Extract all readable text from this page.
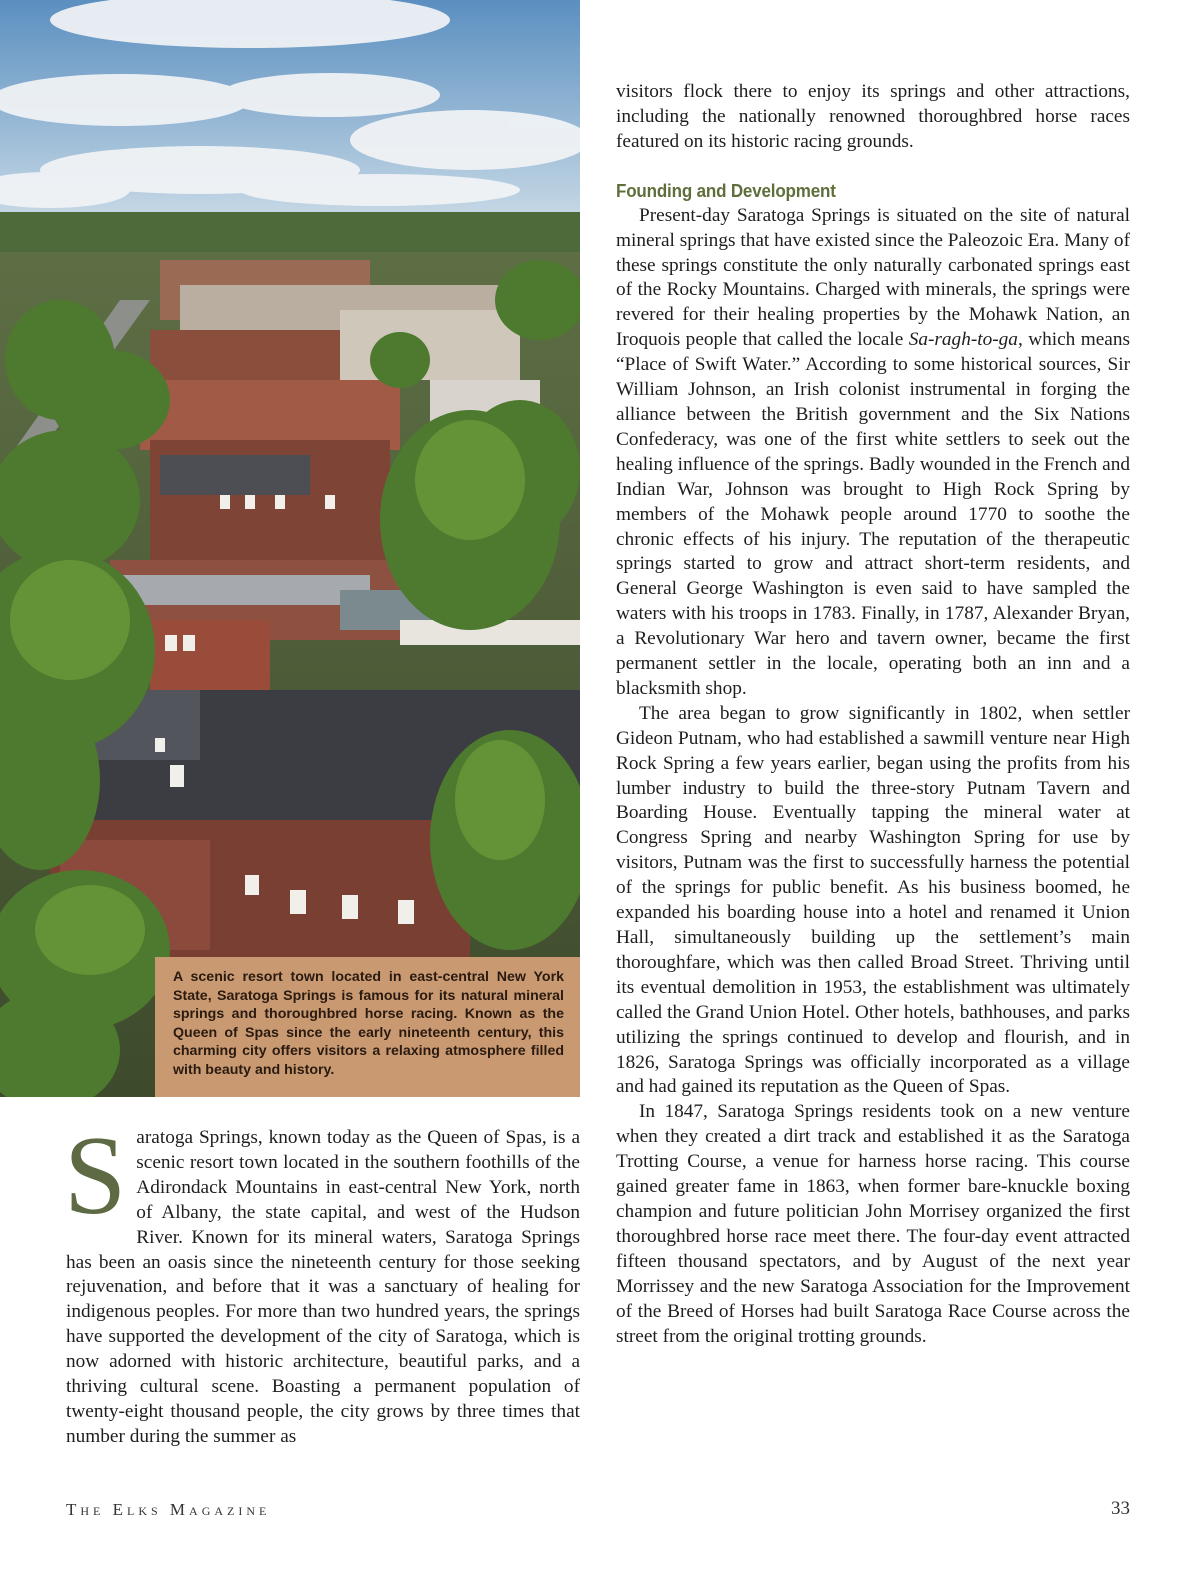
A scenic resort town located in east-central New York State, Saratoga Springs is famous for its natural mineral springs and thoroughbred horse racing. Known as the Queen of Spas since the early nineteenth century, this charming city offers visitors a relaxing atmosphere filled with beauty and history.

Saratoga Springs, known today as the Queen of Spas, is a scenic resort town located in the southern foothills of the Adirondack Mountains in east-central New York, north of Albany, the state capital, and west of the Hudson River. Known for its mineral waters, Saratoga Springs has been an oasis since the nineteenth century for those seeking rejuvenation, and before that it was a sanctuary of healing for indigenous peoples. For more than two hundred years, the springs have supported the development of the city of Saratoga, which is now adorned with historic architecture, beautiful parks, and a thriving cultural scene. Boasting a permanent population of twenty-eight thousand people, the city grows by three times that number during the summer as

visitors flock there to enjoy its springs and other attractions, including the nationally renowned thoroughbred horse races featured on its historic racing grounds.

Founding and Development

Present-day Saratoga Springs is situated on the site of natural mineral springs that have existed since the Paleozoic Era. Many of these springs constitute the only naturally carbonated springs east of the Rocky Mountains. Charged with minerals, the springs were revered for their healing properties by the Mohawk Nation, an Iroquois people that called the locale Sa-ragh-to-ga, which means “Place of Swift Water.” According to some historical sources, Sir William Johnson, an Irish colonist instrumental in forging the alliance between the British government and the Six Nations Confederacy, was one of the first white settlers to seek out the healing influence of the springs. Badly wounded in the French and Indian War, Johnson was brought to High Rock Spring by members of the Mohawk people around 1770 to soothe the chronic effects of his injury. The reputation of the therapeutic springs started to grow and attract short-term residents, and General George Washington is even said to have sampled the waters with his troops in 1783. Finally, in 1787, Alexander Bryan, a Revolutionary War hero and tavern owner, became the first permanent settler in the locale, operating both an inn and a blacksmith shop.

The area began to grow significantly in 1802, when settler Gideon Putnam, who had established a sawmill venture near High Rock Spring a few years earlier, began using the profits from his lumber industry to build the three-story Putnam Tavern and Boarding House. Eventually tapping the mineral water at Congress Spring and nearby Washington Spring for use by visitors, Putnam was the first to successfully harness the potential of the springs for public benefit. As his business boomed, he expanded his boarding house into a hotel and renamed it Union Hall, simultaneously building up the settlement’s main thoroughfare, which was then called Broad Street. Thriving until its eventual demolition in 1953, the establishment was ultimately called the Grand Union Hotel. Other hotels, bathhouses, and parks utilizing the springs continued to develop and flourish, and in 1826, Saratoga Springs was officially incorporated as a village and had gained its reputation as the Queen of Spas.

In 1847, Saratoga Springs residents took on a new venture when they created a dirt track and established it as the Saratoga Trotting Course, a venue for harness horse racing. This course gained greater fame in 1863, when former bare-knuckle boxing champion and future politician John Morrisey organized the first thoroughbred horse race meet there. The four-day event attracted fifteen thousand spectators, and by August of the next year Morrissey and the new Saratoga Association for the Improvement of the Breed of Horses had built Saratoga Race Course across the street from the original trotting grounds.

The Elks Magazine	33
